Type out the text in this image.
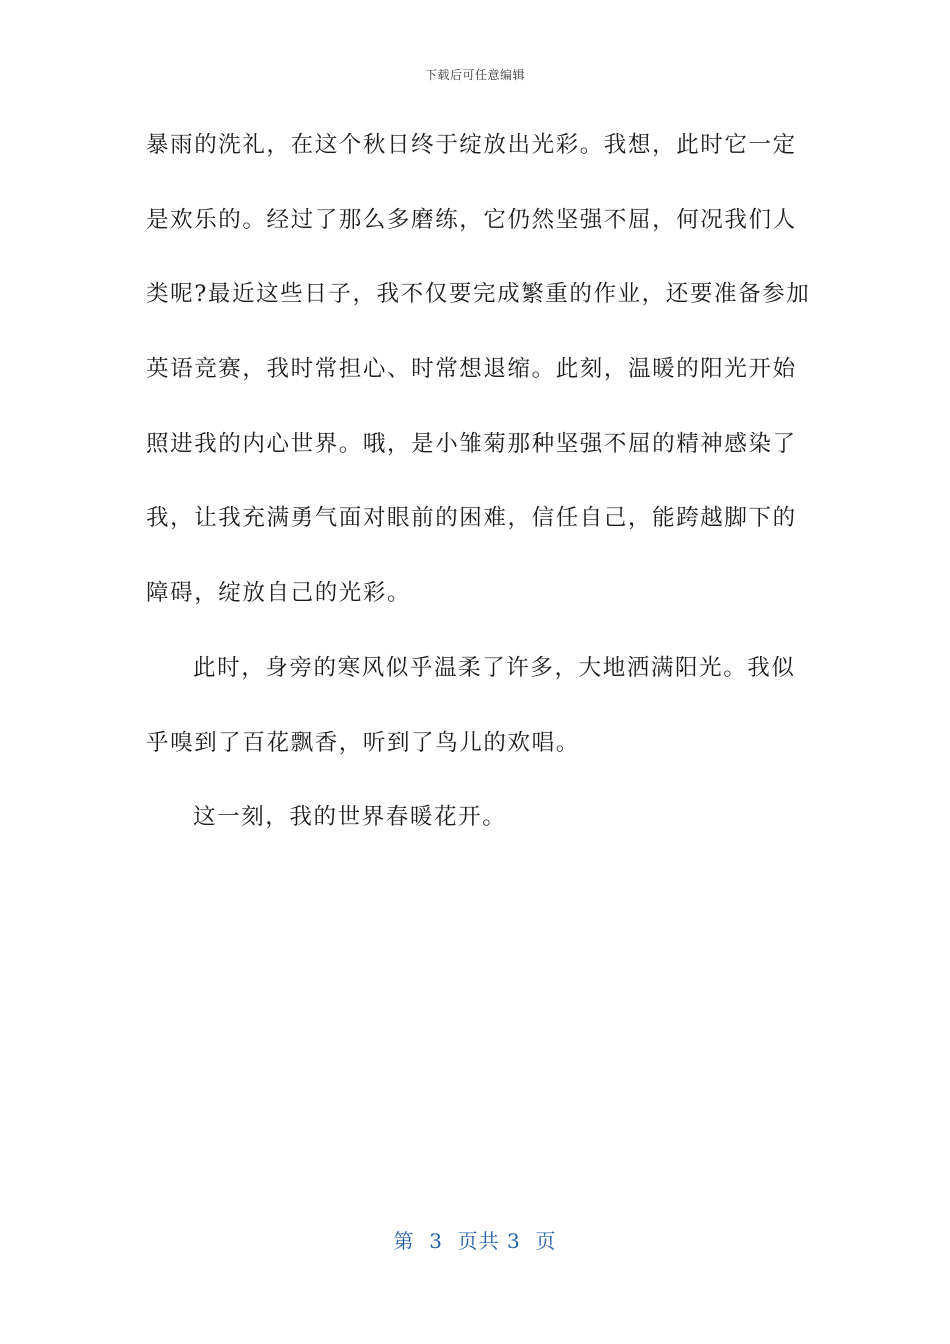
下载后可任意编辑
暴雨的洗礼，在这个秋日终于绽放出光彩。我想，此时它一定
是欢乐的。经过了那么多磨练，它仍然坚强不屈，何况我们人
类呢?最近这些日子，我不仅要完成繁重的作业，还要准备参加
英语竞赛，我时常担心、时常想退缩。此刻，温暖的阳光开始
照进我的内心世界。哦，是小雏菊那种坚强不屈的精神感染了
我，让我充满勇气面对眼前的困难，信任自己，能跨越脚下的
障碍，绽放自己的光彩。
此时，身旁的寒风似乎温柔了许多，大地洒满阳光。我似
乎嗅到了百花飘香，听到了鸟儿的欢唱。
这一刻，我的世界春暖花开。
第  3  页共 3  页
